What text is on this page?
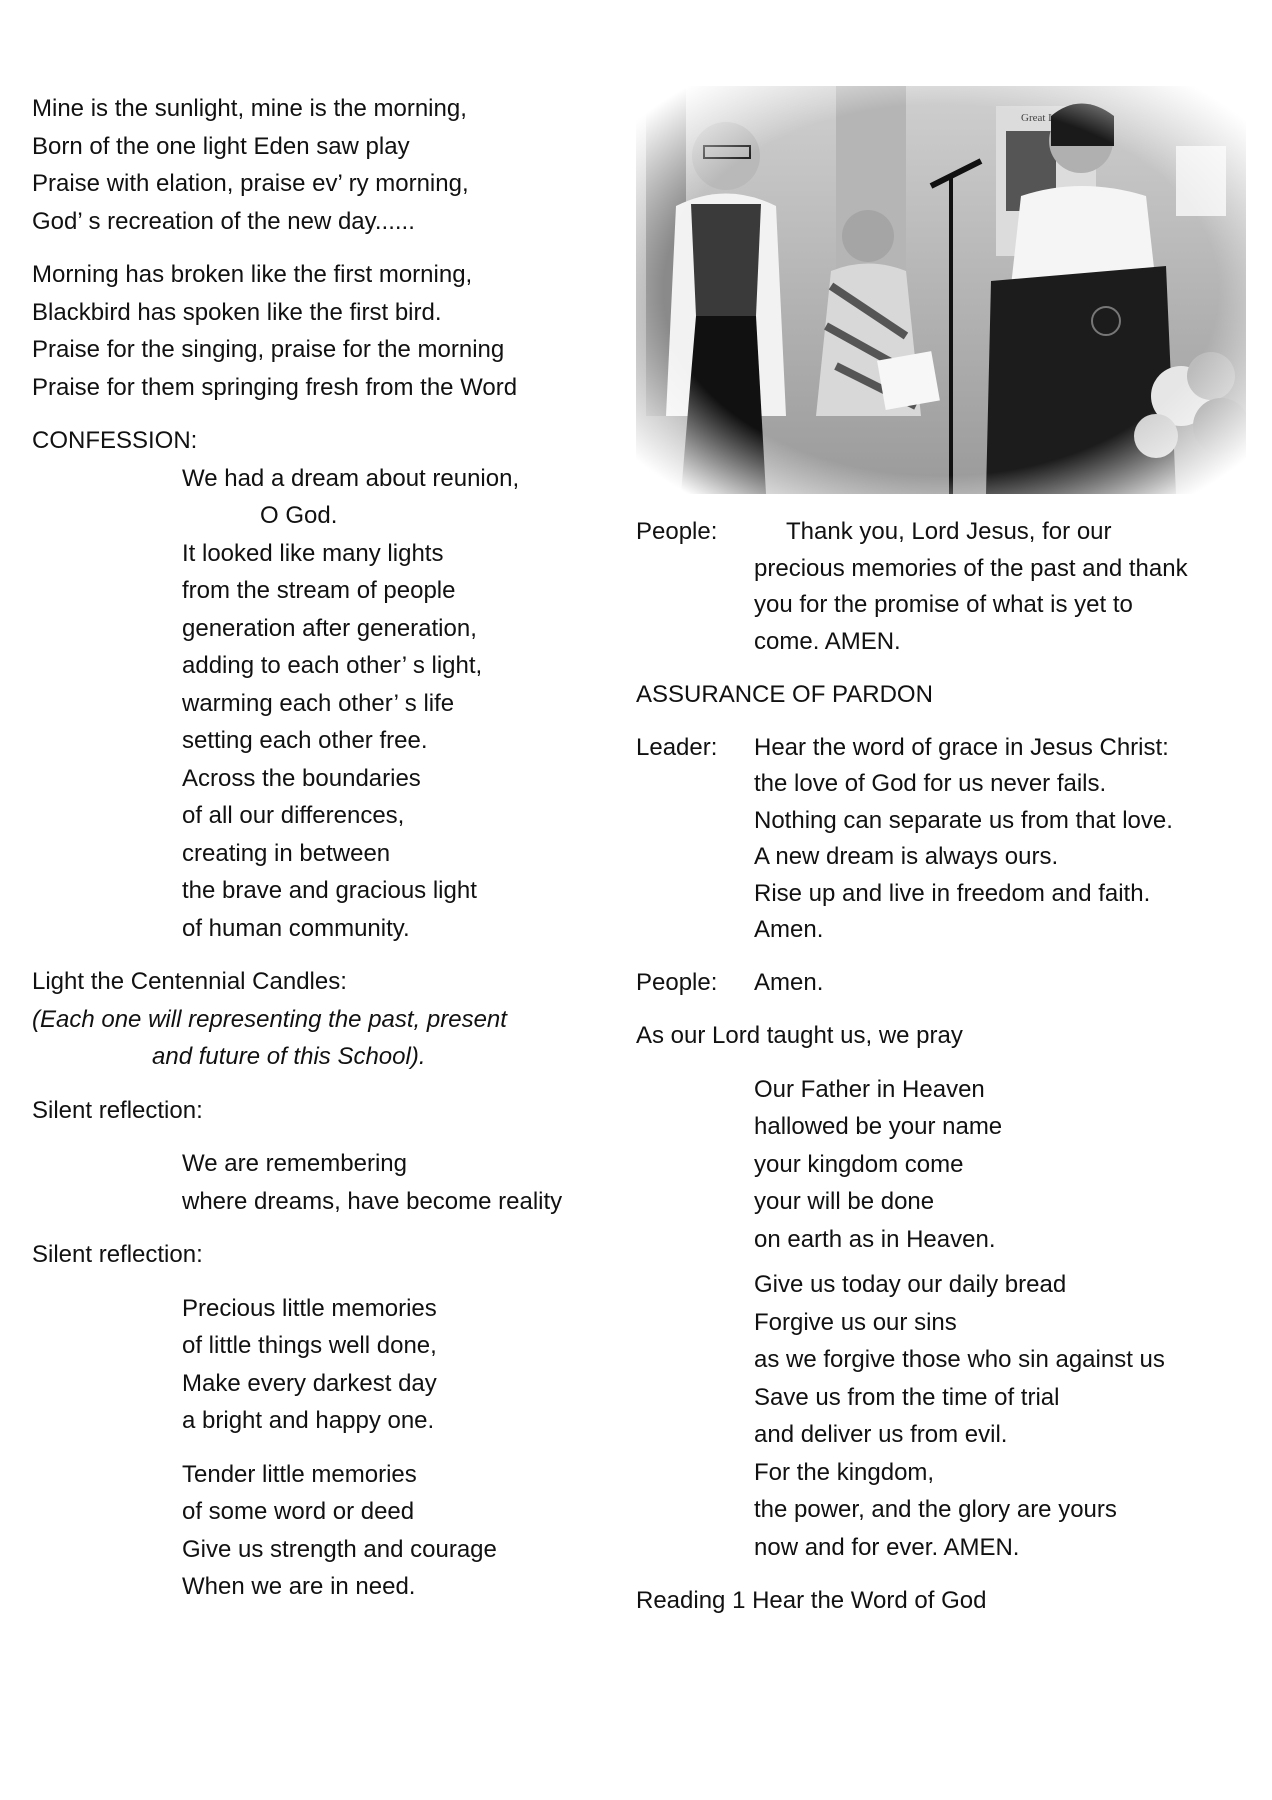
Mine is the sunlight, mine is the morning,
Born of the one light Eden saw play
Praise with elation, praise ev’ ry morning,
God’ s recreation of the new day......
Morning has broken like the first morning,
Blackbird has spoken like the first bird.
Praise for the singing, praise for the morning
Praise for them springing fresh from the Word
CONFESSION:
We had a dream about reunion,
O God.
It looked like many lights
from the stream of people
generation after generation,
adding to each other’ s light,
warming each other’ s life
setting each other free.
Across the boundaries
of all our differences,
creating in between
the brave and gracious light
of human community.
Light the Centennial Candles:
(Each one will representing the past, present
and future of this School).
Silent reflection:
We are remembering
where dreams, have become reality
Silent reflection:
Precious little memories
of little things well done,
Make every darkest day
a bright and happy one.
Tender little memories
of some word or deed
Give us strength and courage
When we are in need.
People:	Thank you, Lord Jesus, for our
precious memories of the past and thank
you for the promise of what is yet to
come. AMEN.
ASSURANCE OF PARDON
Leader:	Hear the word of grace in Jesus Christ:
the love of God for us never fails.
Nothing can separate us from that love.
A new dream is always ours.
Rise up and live in freedom and faith.
Amen.
People:	Amen.
As our Lord taught us, we pray
Our Father in Heaven
hallowed be your name
your kingdom come
your will be done
on earth as in Heaven.
Give us today our daily bread
Forgive us our sins
as we forgive those who sin against us
Save us from the time of trial
and deliver us from evil.
For the kingdom,
the power, and the glory are yours
now and for ever. AMEN.
Reading 1 Hear the Word of God
